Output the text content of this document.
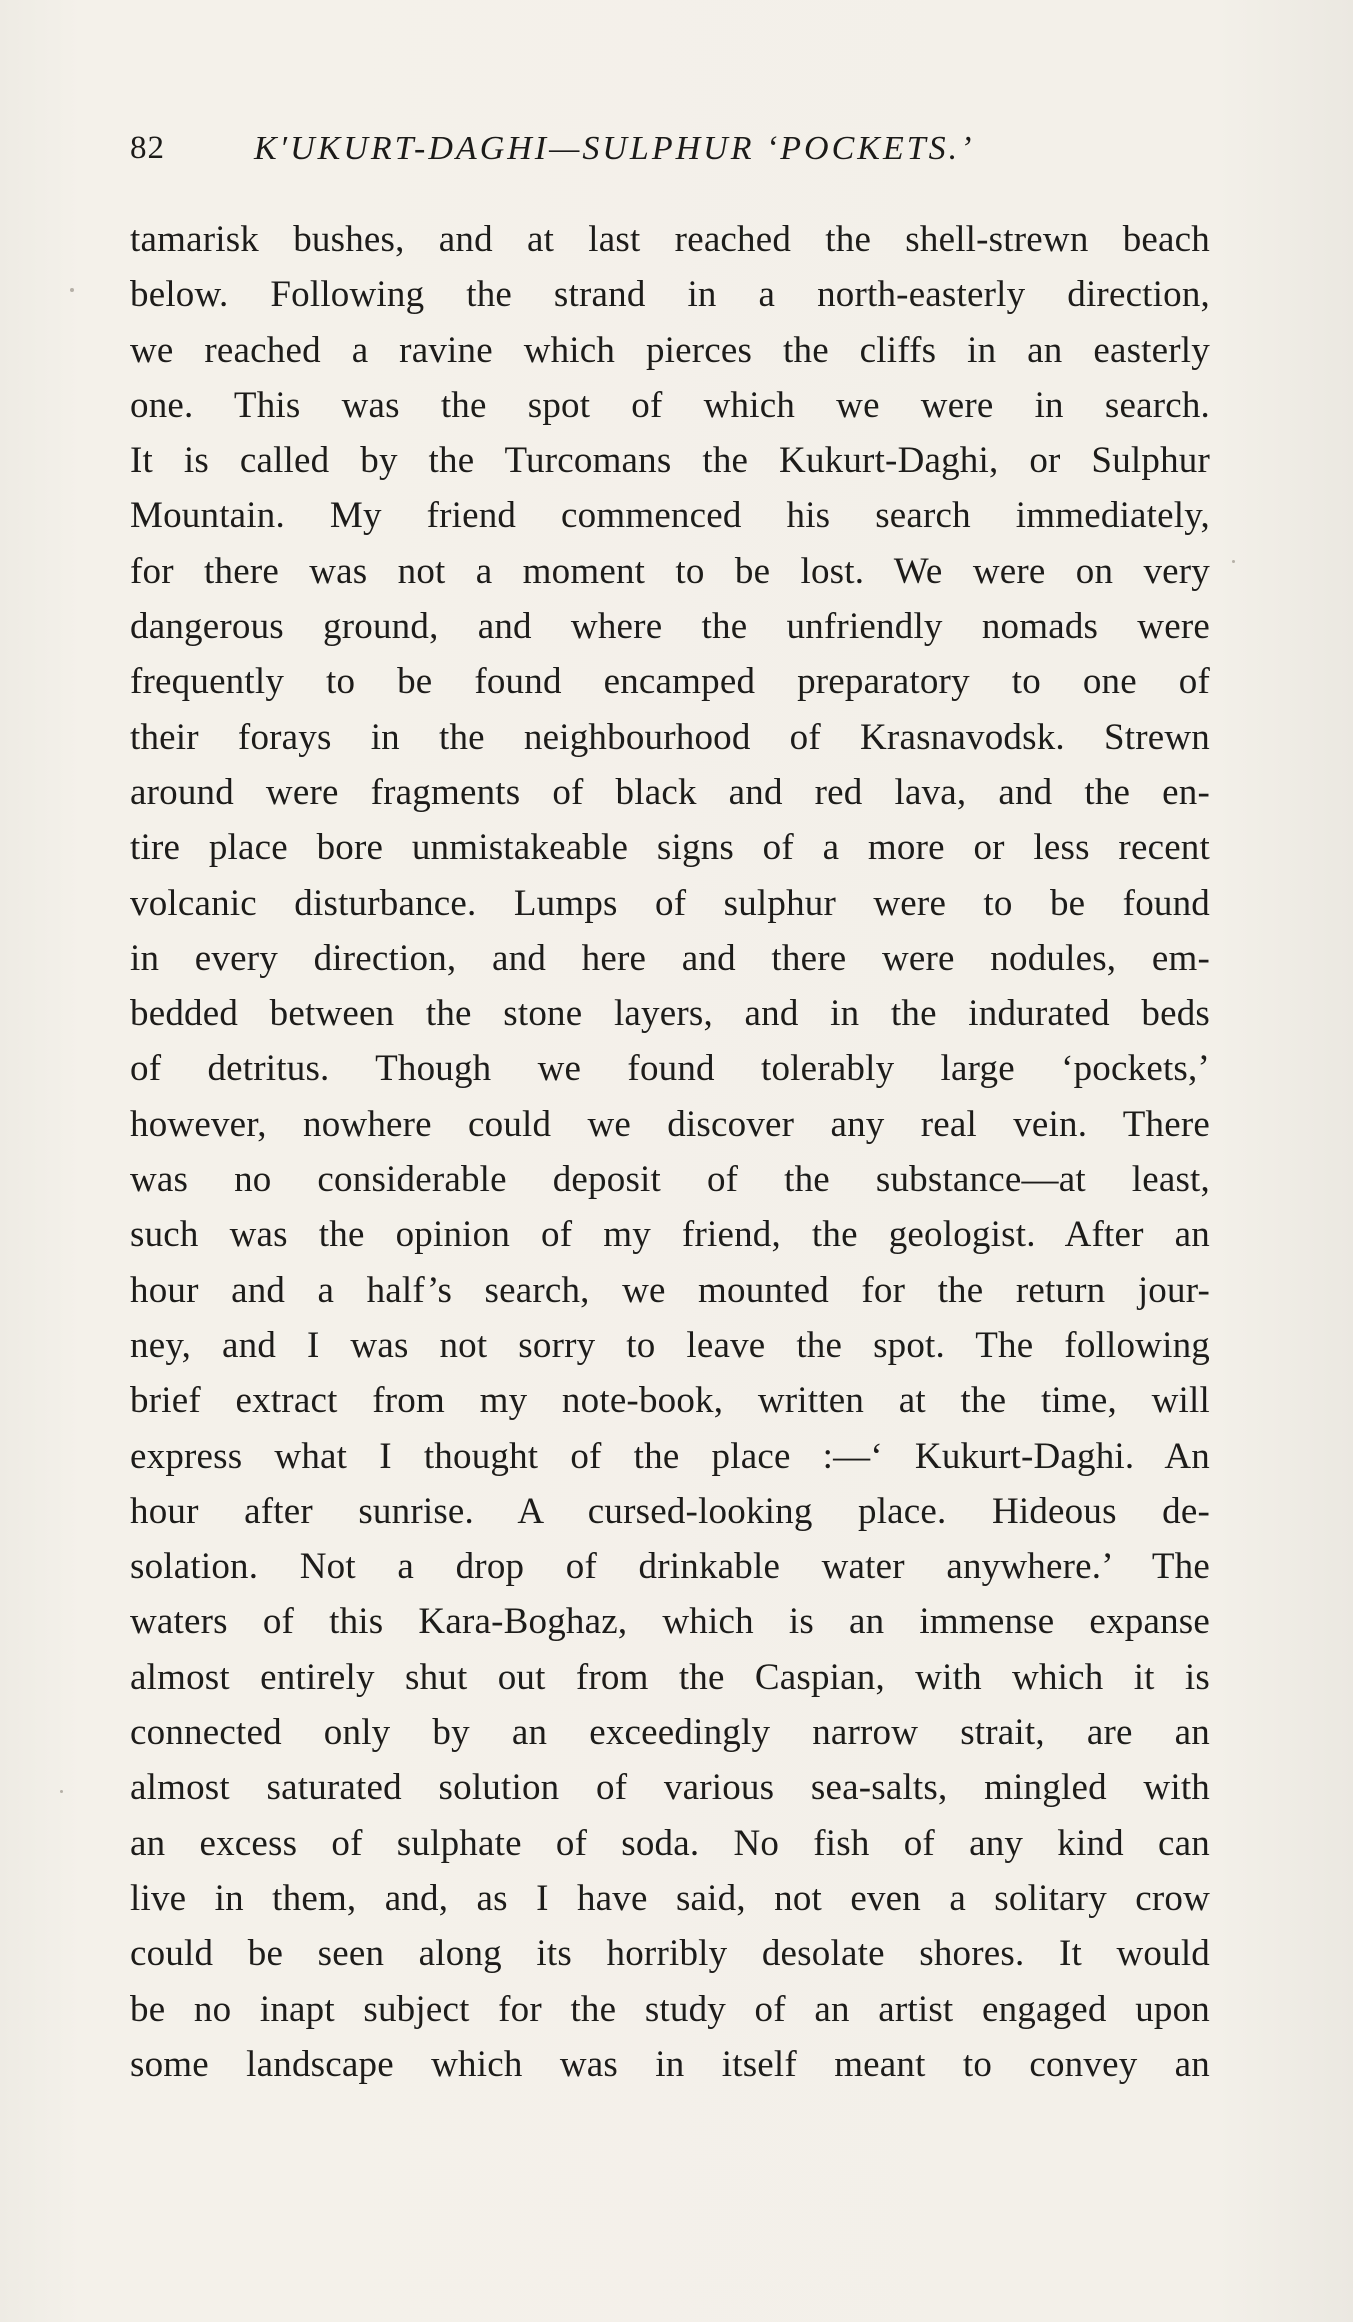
82	K′UKURT-DAGHI—SULPHUR ‘POCKETS.’
tamarisk bushes, and at last reached the shell-strewn beach
below. Following the strand in a north-easterly direction,
we reached a ravine which pierces the cliffs in an easterly
one. This was the spot of which we were in search.
It is called by the Turcomans the Kukurt-Daghi, or Sulphur
Mountain. My friend commenced his search immediately,
for there was not a moment to be lost. We were on very
dangerous ground, and where the unfriendly nomads were
frequently to be found encamped preparatory to one of
their forays in the neighbourhood of Krasnavodsk. Strewn
around were fragments of black and red lava, and the en-
tire place bore unmistakeable signs of a more or less recent
volcanic disturbance. Lumps of sulphur were to be found
in every direction, and here and there were nodules, em-
bedded between the stone layers, and in the indurated beds
of detritus. Though we found tolerably large ‘pockets,’
however, nowhere could we discover any real vein. There
was no considerable deposit of the substance—at least,
such was the opinion of my friend, the geologist. After an
hour and a half’s search, we mounted for the return jour-
ney, and I was not sorry to leave the spot. The following
brief extract from my note-book, written at the time, will
express what I thought of the place :—‘ Kukurt-Daghi. An
hour after sunrise. A cursed-looking place. Hideous de-
solation. Not a drop of drinkable water anywhere.’ The
waters of this Kara-Boghaz, which is an immense expanse
almost entirely shut out from the Caspian, with which it is
connected only by an exceedingly narrow strait, are an
almost saturated solution of various sea-salts, mingled with
an excess of sulphate of soda. No fish of any kind can
live in them, and, as I have said, not even a solitary crow
could be seen along its horribly desolate shores. It would
be no inapt subject for the study of an artist engaged upon
some landscape which was in itself meant to convey an
